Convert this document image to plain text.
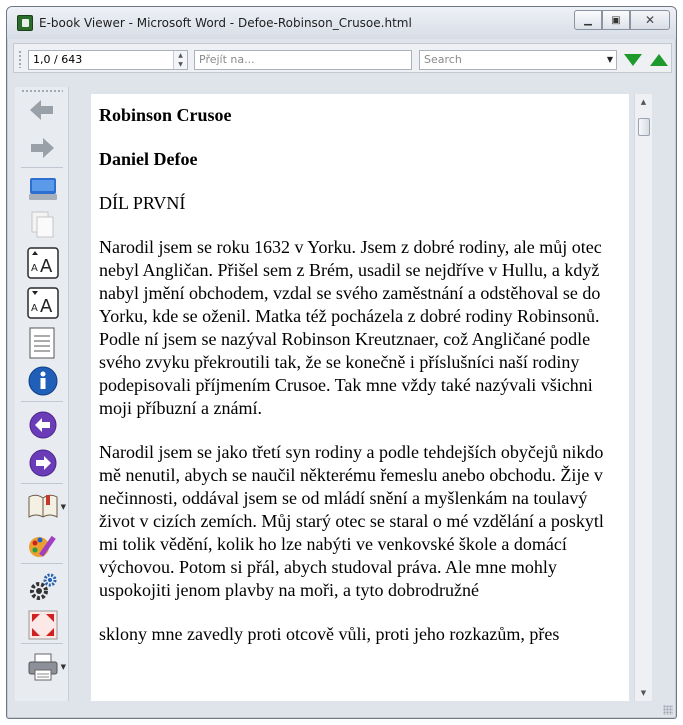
E-book Viewer - Microsoft Word - Defoe-Robinson_Crusoe.html	▁	▣	✕
1,0 / 643	▲
▼	Přejít na...	Search	▼
A A
A A
▼
▼
Robinson Crusoe
Daniel Defoe

DÍL PRVNÍ

Narodil jsem se roku 1632 v Yorku. Jsem z dobré rodiny, ale můj otec nebyl Angličan. Přišel sem z Brém, usadil se nejdříve v Hullu, a když nabyl jmění obchodem, vzdal se svého zaměstnání a odstěhoval se do Yorku, kde se oženil. Matka též pocházela z dobré rodiny Robinsonů. Podle ní jsem se nazýval Robinson Kreutznaer, což Angličané podle svého zvyku překroutili tak, že se konečně i příslušníci naší rodiny podepisovali příjmením Crusoe. Tak mne vždy také nazývali všichni moji příbuzní a známí.

Narodil jsem se jako třetí syn rodiny a podle tehdejších obyčejů nikdo mě nenutil, abych se naučil některému řemeslu anebo obchodu. Žije v nečinnosti, oddával jsem se od mládí snění a myšlenkám na toulavý život v cizích zemích. Můj starý otec se staral o mé vzdělání a poskytl mi tolik vědění, kolik ho lze nabýti ve venkovské škole a domácí výchovou. Potom si přál, abych studoval práva. Ale mne mohly uspokojiti jenom plavby na moři, a tyto dobrodružné

sklony mne zavedly proti otcově vůli, proti jeho rozkazům, přes

▲
▼
